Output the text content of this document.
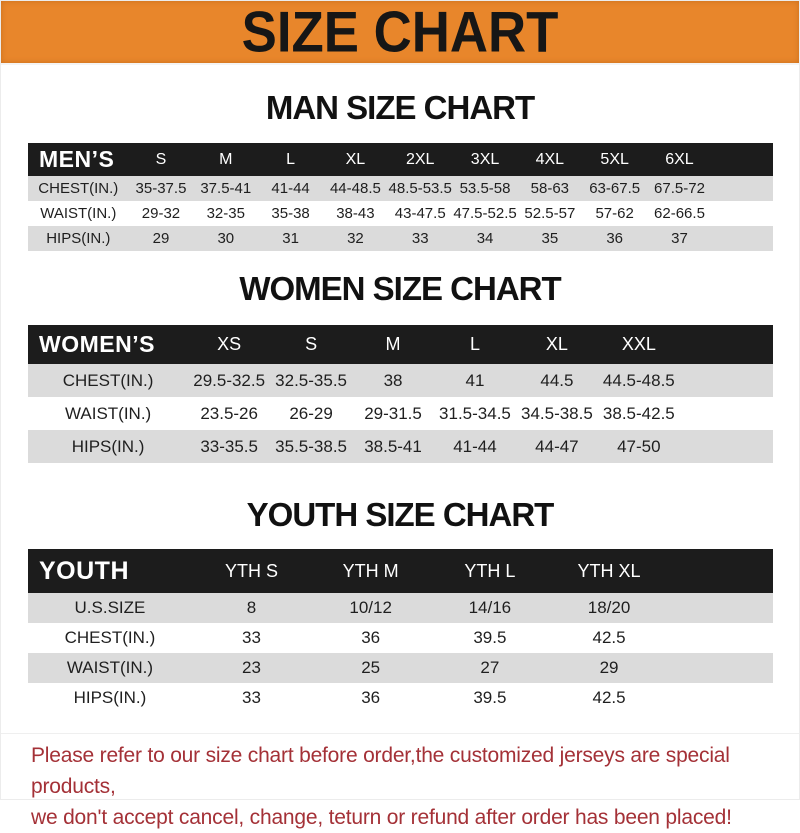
SIZE CHART
MAN SIZE CHART
MEN’S	S	M	L	XL	2XL	3XL	4XL	5XL	6XL	
CHEST(IN.)	35-37.5	37.5-41	41-44	44-48.5	48.5-53.5	53.5-58	58-63	63-67.5	67.5-72	
WAIST(IN.)	29-32	32-35	35-38	38-43	43-47.5	47.5-52.5	52.5-57	57-62	62-66.5	
HIPS(IN.)	29	30	31	32	33	34	35	36	37	
WOMEN SIZE CHART
WOMEN’S	XS	S	M	L	XL	XXL	
CHEST(IN.)	29.5-32.5	32.5-35.5	38	41	44.5	44.5-48.5	
WAIST(IN.)	23.5-26	26-29	29-31.5	31.5-34.5	34.5-38.5	38.5-42.5	
HIPS(IN.)	33-35.5	35.5-38.5	38.5-41	41-44	44-47	47-50	
YOUTH SIZE CHART
YOUTH	YTH S	YTH M	YTH L	YTH XL	
U.S.SIZE	8	10/12	14/16	18/20	
CHEST(IN.)	33	36	39.5	42.5	
WAIST(IN.)	23	25	27	29	
HIPS(IN.)	33	36	39.5	42.5	
Please refer to our size chart before order,the customized jerseys are special products,
we don't accept cancel, change, teturn or refund after order has been placed!
